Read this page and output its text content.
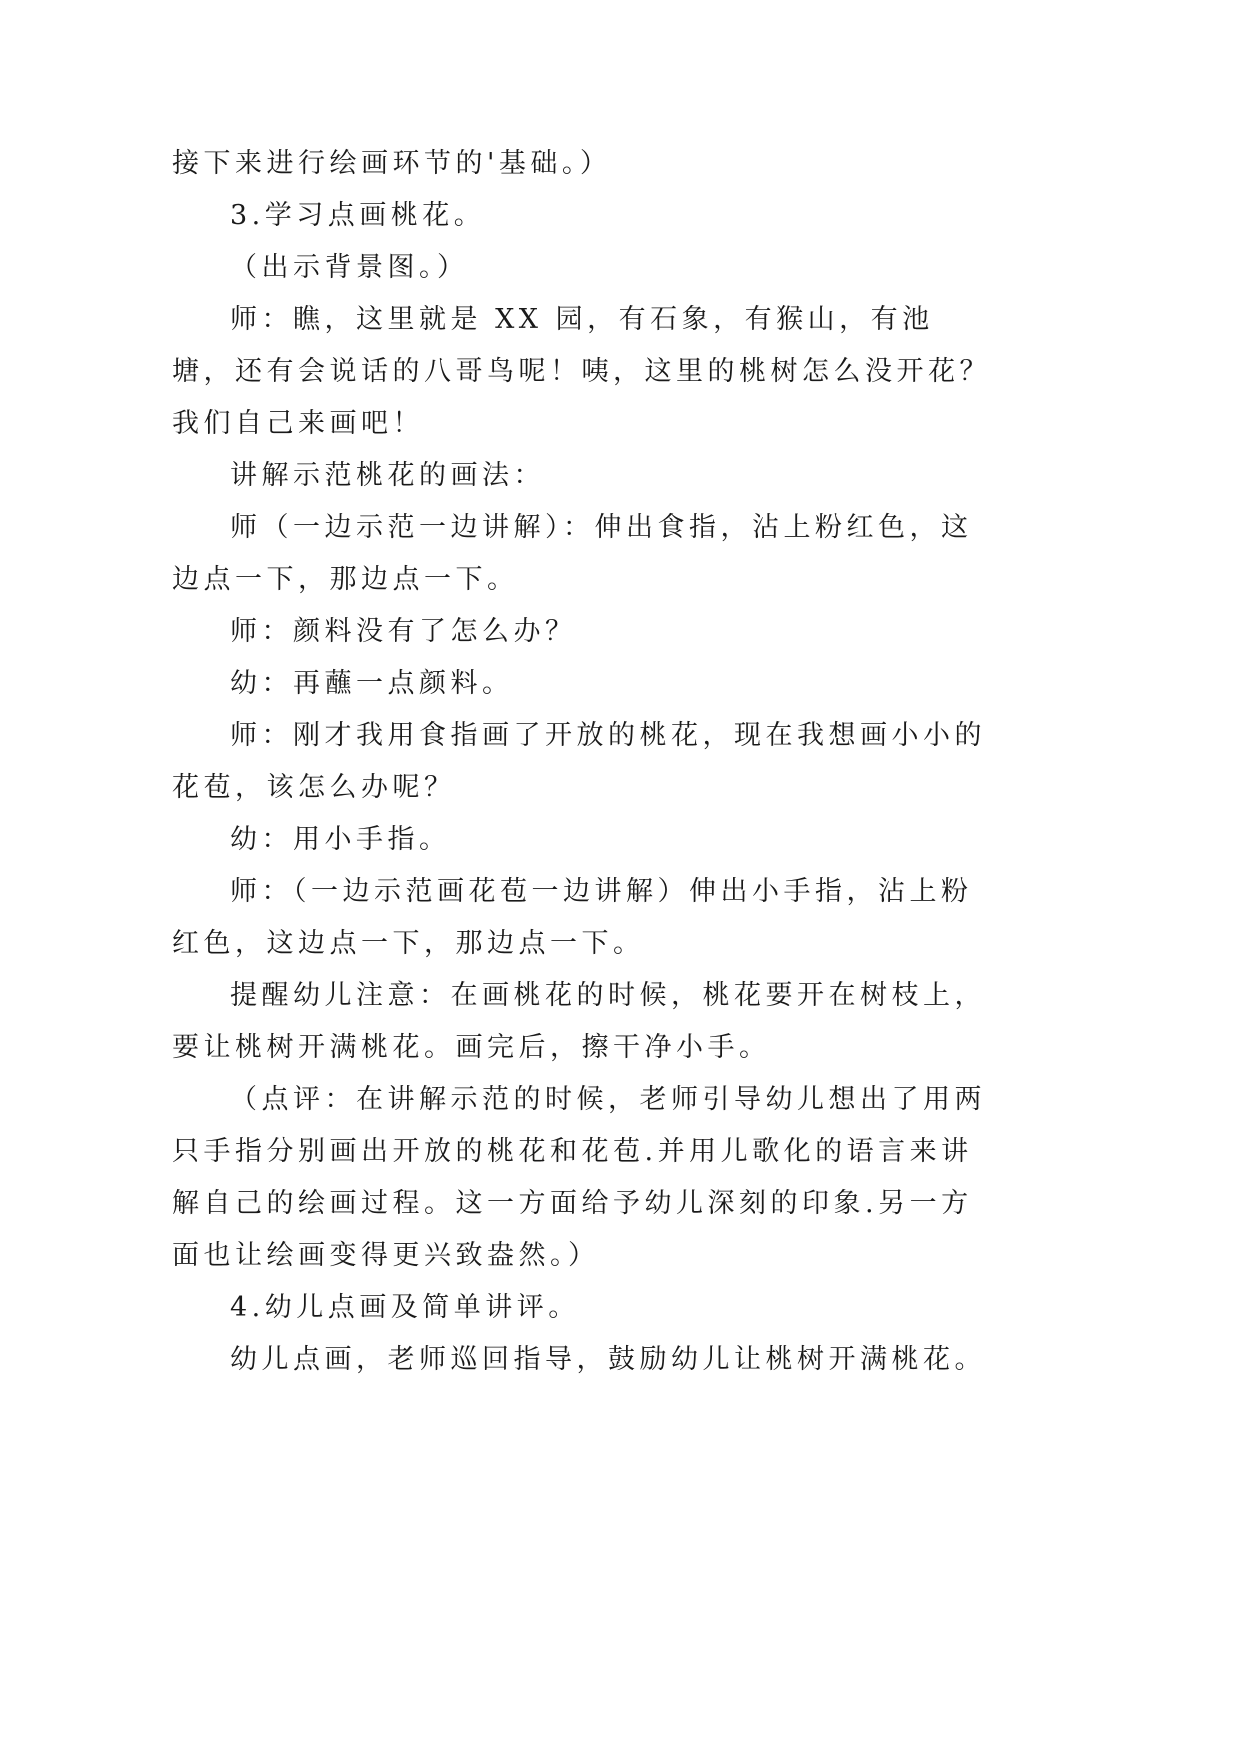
接下来进行绘画环节的'基础。）

3.学习点画桃花。

（出示背景图。）

师：瞧，这里就是 XX 园，有石象，有猴山，有池塘，还有会说话的八哥鸟呢！咦，这里的桃树怎么没开花？我们自己来画吧！

讲解示范桃花的画法：

师（一边示范一边讲解）：伸出食指，沾上粉红色，这边点一下，那边点一下。

师：颜料没有了怎么办？

幼：再蘸一点颜料。

师：刚才我用食指画了开放的桃花，现在我想画小小的花苞，该怎么办呢？

幼：用小手指。

师：（一边示范画花苞一边讲解）伸出小手指，沾上粉红色，这边点一下，那边点一下。

提醒幼儿注意：在画桃花的时候，桃花要开在树枝上，要让桃树开满桃花。画完后，擦干净小手。

（点评：在讲解示范的时候，老师引导幼儿想出了用两只手指分别画出开放的桃花和花苞.并用儿歌化的语言来讲解自己的绘画过程。这一方面给予幼儿深刻的印象.另一方面也让绘画变得更兴致盎然。）

4.幼儿点画及简单讲评。

幼儿点画，老师巡回指导，鼓励幼儿让桃树开满桃花。
